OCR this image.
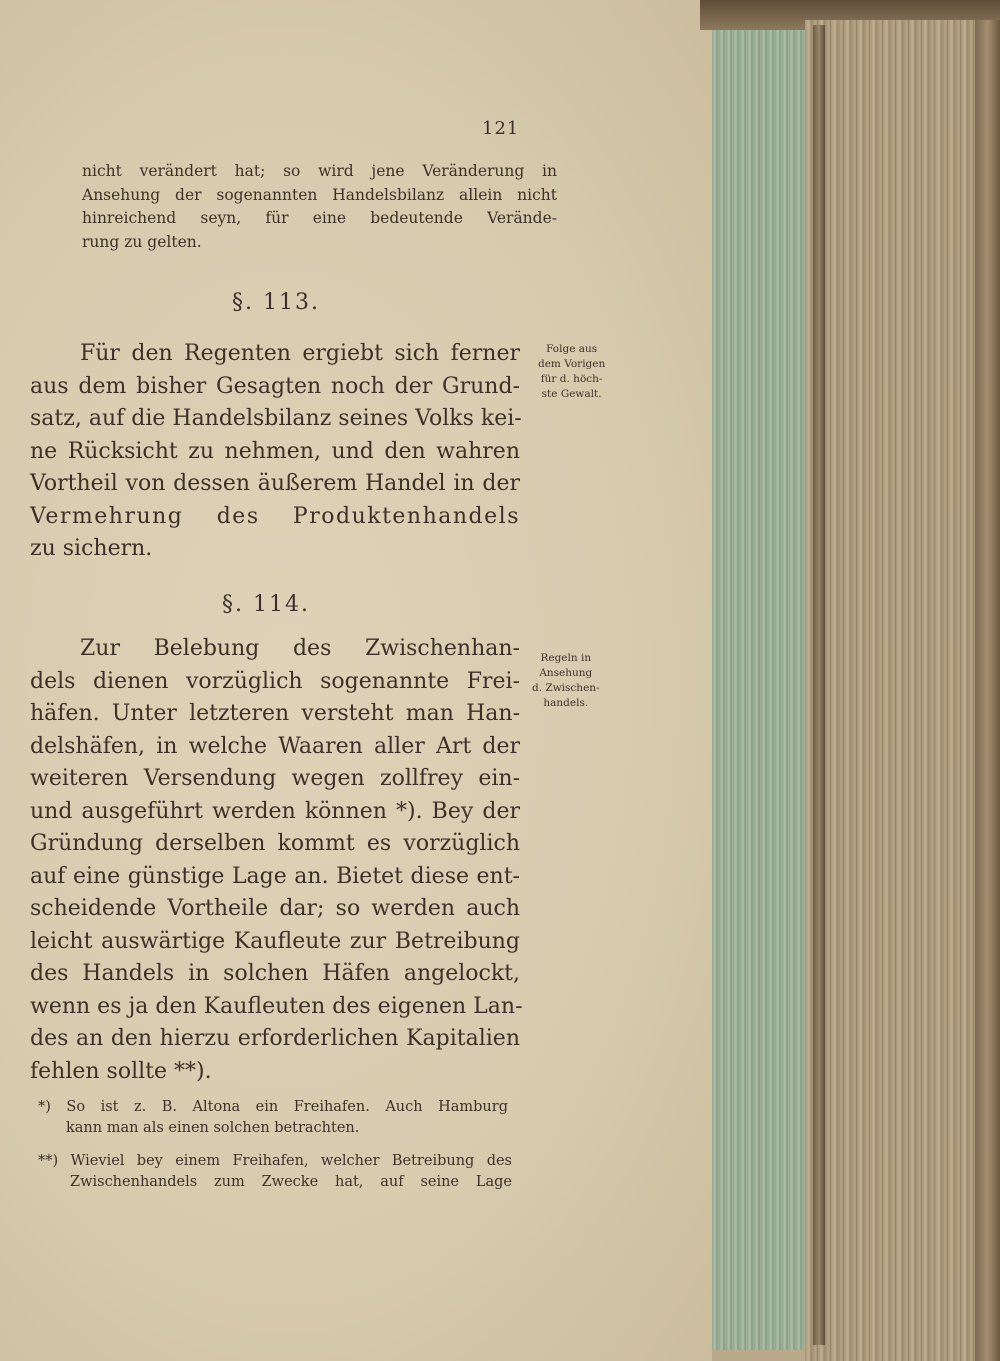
121
nicht verändert hat; so wird jene Veränderung in
Ansehung der sogenannten Handelsbilanz allein nicht
hinreichend seyn, für eine bedeutende Verände-
rung zu gelten.
§. 113.
Für den Regenten ergiebt sich ferner
aus dem bisher Gesagten noch der Grund-
satz, auf die Handelsbilanz seines Volks kei-
ne Rücksicht zu nehmen, und den wahren
Vortheil von dessen äußerem Handel in der
Vermehrung des Produktenhandels
zu sichern.
Folge aus
dem Vorigen
für d. höch-
ste Gewalt.
§. 114.
Zur Belebung des Zwischenhan-
dels dienen vorzüglich sogenannte Frei-
häfen. Unter letzteren versteht man Han-
delshäfen, in welche Waaren aller Art der
weiteren Versendung wegen zollfrey ein-
und ausgeführt werden können *). Bey der
Gründung derselben kommt es vorzüglich
auf eine günstige Lage an. Bietet diese ent-
scheidende Vortheile dar; so werden auch
leicht auswärtige Kaufleute zur Betreibung
des Handels in solchen Häfen angelockt,
wenn es ja den Kaufleuten des eigenen Lan-
des an den hierzu erforderlichen Kapitalien
fehlen sollte **).
Regeln in
Ansehung
d. Zwischen-
handels.
*) So ist z. B. Altona ein Freihafen. Auch Hamburg
kann man als einen solchen betrachten.
**) Wieviel bey einem Freihafen, welcher Betreibung des
Zwischenhandels zum Zwecke hat, auf seine Lage
